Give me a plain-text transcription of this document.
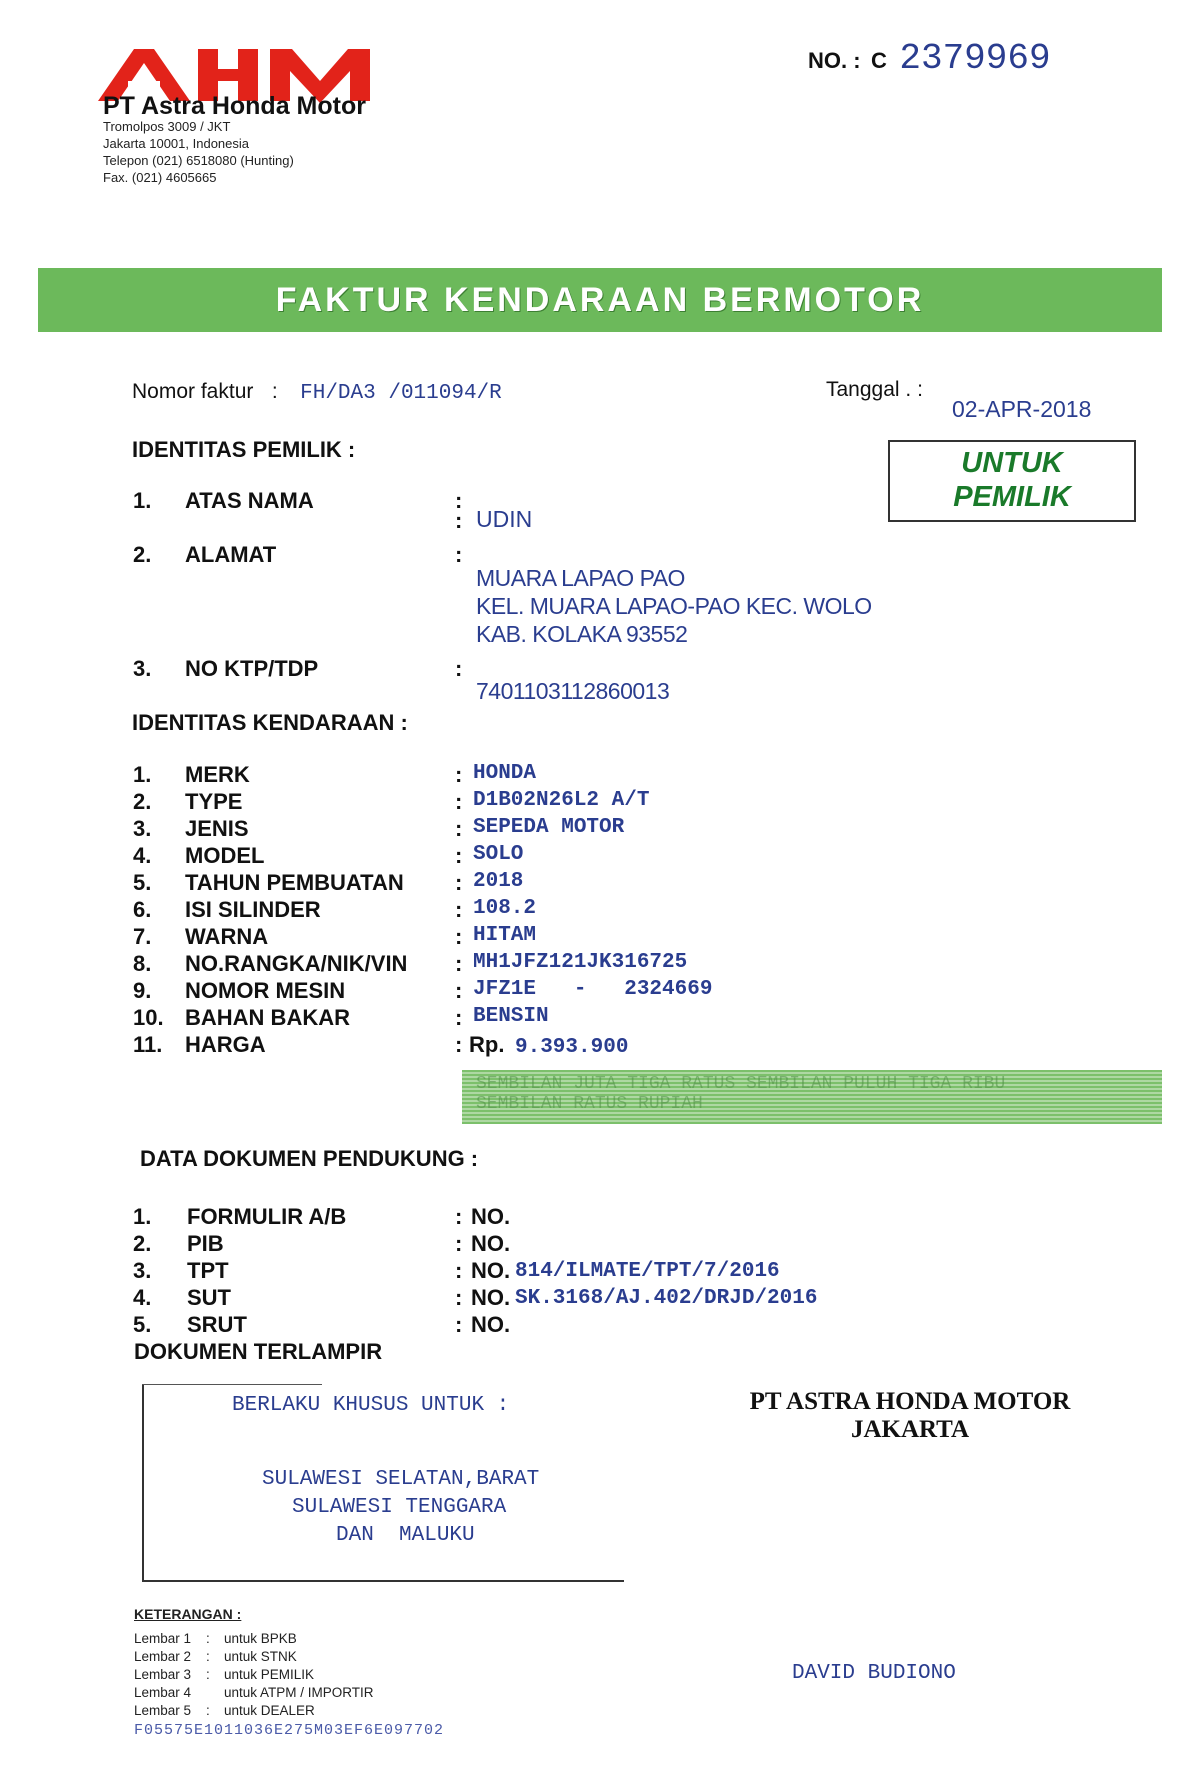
PT Astra Honda Motor
Tromolpos 3009 / JKT
Jakarta 10001, Indonesia
Telepon (021) 6518080 (Hunting)
Fax. (021) 4605665
NO. : C 2379969
FAKTUR KENDARAAN BERMOTOR
Nomor faktur : FH/DA3 /011094/R	Tanggal . :
02-APR-2018
UNTUK
PEMILIK
IDENTITAS PEMILIK :
1.	ATAS NAMA	:
: UDIN
2.	ALAMAT	:
MUARA LAPAO PAO
KEL. MUARA LAPAO-PAO KEC. WOLO
KAB. KOLAKA 93552
3.	NO KTP/TDP	:
7401103112860013
IDENTITAS KENDARAAN :
1.	MERK	: HONDA
2.	TYPE	: D1B02N26L2 A/T
3.	JENIS	: SEPEDA MOTOR
4.	MODEL	: SOLO
5.	TAHUN PEMBUATAN : 2018
6.	ISI SILINDER	: 108.2
7.	WARNA	: HITAM
8.	NO.RANGKA/NIK/VIN : MH1JFZ121JK316725
9.	NOMOR MESIN	: JFZ1E   -   2324669
10. BAHAN BAKAR	: BENSIN
11.	HARGA	: Rp. 9.393.900
SEMBILAN JUTA TIGA RATUS SEMBILAN PULUH TIGA RIBU
SEMBILAN RATUS RUPIAH
DATA DOKUMEN PENDUKUNG :
1.	FORMULIR A/B	: NO.
2.	PIB	: NO.
3.	TPT	: NO. 814/ILMATE/TPT/7/2016
4.	SUT	: NO. SK.3168/AJ.402/DRJD/2016
5.	SRUT	: NO.
DOKUMEN TERLAMPIR
BERLAKU KHUSUS UNTUK :
SULAWESI SELATAN,BARAT
SULAWESI TENGGARA
DAN  MALUKU
PT ASTRA HONDA MOTOR
JAKARTA
DAVID BUDIONO
KETERANGAN :
Lembar 1 : untuk BPKB
Lembar 2 : untuk STNK
Lembar 3 : untuk PEMILIK
Lembar 4 untuk ATPM / IMPORTIR
Lembar 5 : untuk DEALER
F05575E1011036E275M03EF6E097702
